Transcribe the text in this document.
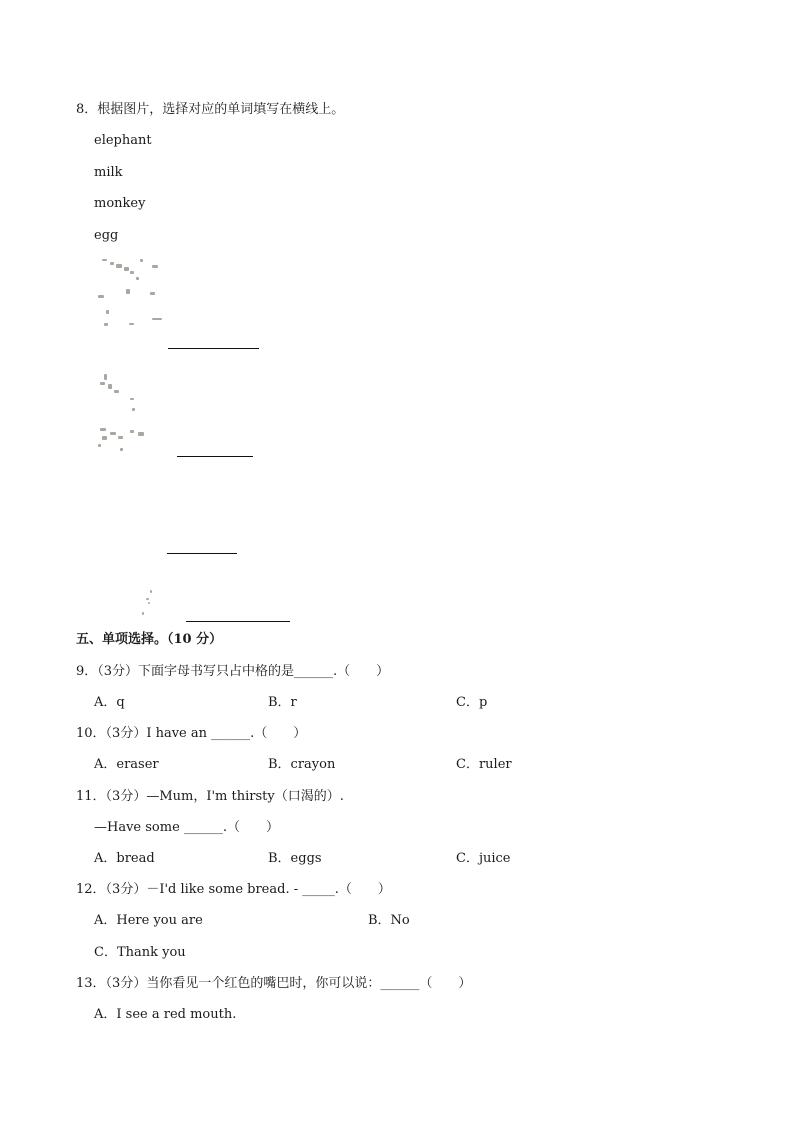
8．根据图片，选择对应的单词填写在横线上。
elephant
milk
monkey
egg
五、单项选择。（10 分）
9．（3分）下面字母书写只占中格的是______.（　　）
A．q	B．r	C．p
10．（3分）I have an ______.（　　）
A．eraser	B．crayon	C．ruler
11．（3分）—Mum，I'm thirsty（口渴的）.
—Have some ______.（　　）
A．bread	B．eggs	C．juice
12．（3分）－I'd like some bread. - _____.（　　）
A．Here you are	B．No
C．Thank you
13．（3分）当你看见一个红色的嘴巴时，你可以说：______（　　）
A．I see a red mouth.
